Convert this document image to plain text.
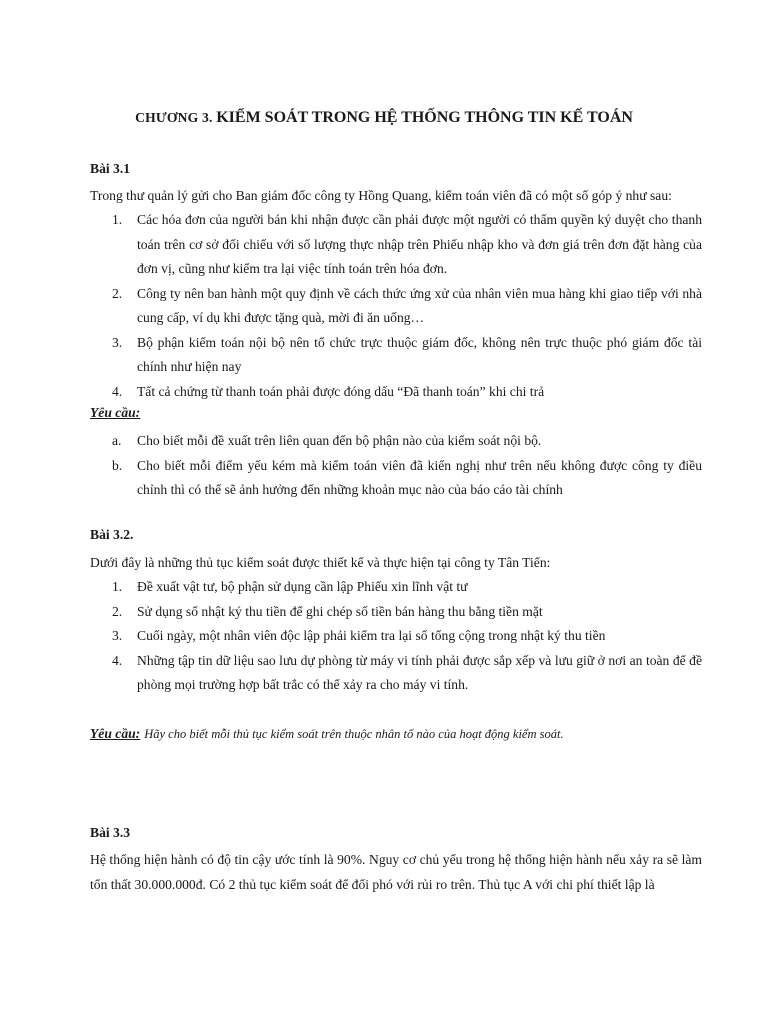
CHƯƠNG 3. KIỂM SOÁT TRONG HỆ THỐNG THÔNG TIN KẾ TOÁN
Bài 3.1
Trong thư quản lý gửi cho Ban giám đốc công ty Hồng Quang, kiểm toán viên đã có một số góp ý như sau:
1. Các hóa đơn của người bán khi nhận được cần phải được một người có thẩm quyền ký duyệt cho thanh toán trên cơ sở đối chiếu với số lượng thực nhập trên Phiếu nhập kho và đơn giá trên đơn đặt hàng của đơn vị, cũng như kiểm tra lại việc tính toán trên hóa đơn.
2. Công ty nên ban hành một quy định về cách thức ứng xử của nhân viên mua hàng khi giao tiếp với nhà cung cấp, ví dụ khi được tặng quà, mời đi ăn uống…
3. Bộ phận kiểm toán nội bộ nên tổ chức trực thuộc giám đốc, không nên trực thuộc phó giám đốc tài chính như hiện nay
4. Tất cả chứng từ thanh toán phải được đóng dấu “Đã thanh toán” khi chi trả
Yêu cầu:
a. Cho biết mỗi đề xuất trên liên quan đến bộ phận nào của kiểm soát nội bộ.
b. Cho biết mỗi điểm yếu kém mà kiểm toán viên đã kiến nghị như trên nếu không được công ty điều chỉnh thì có thể sẽ ảnh hưởng đến những khoản mục nào của báo cáo tài chính
Bài 3.2.
Dưới đây là những thủ tục kiểm soát được thiết kế và thực hiện tại công ty Tân Tiến:
1. Đề xuất vật tư, bộ phận sử dụng cần lập Phiếu xin lĩnh vật tư
2. Sử dụng sổ nhật ký thu tiền để ghi chép số tiền bán hàng thu bằng tiền mặt
3. Cuối ngày, một nhân viên độc lập phải kiểm tra lại số tổng cộng trong nhật ký thu tiền
4. Những tập tin dữ liệu sao lưu dự phòng từ máy vi tính phải được sắp xếp và lưu giữ ở nơi an toàn để đề phòng mọi trường hợp bất trắc có thể xảy ra cho máy vi tính.
Yêu cầu: Hãy cho biết mỗi thủ tục kiểm soát trên thuộc nhân tố nào của hoạt động kiểm soát.
Bài 3.3
Hệ thống hiện hành có độ tin cậy ước tính là 90%. Nguy cơ chủ yếu trong hệ thống hiện hành nếu xảy ra sẽ làm tổn thất 30.000.000đ. Có 2 thủ tục kiểm soát để đối phó với rủi ro trên. Thủ tục A với chi phí thiết lập là
